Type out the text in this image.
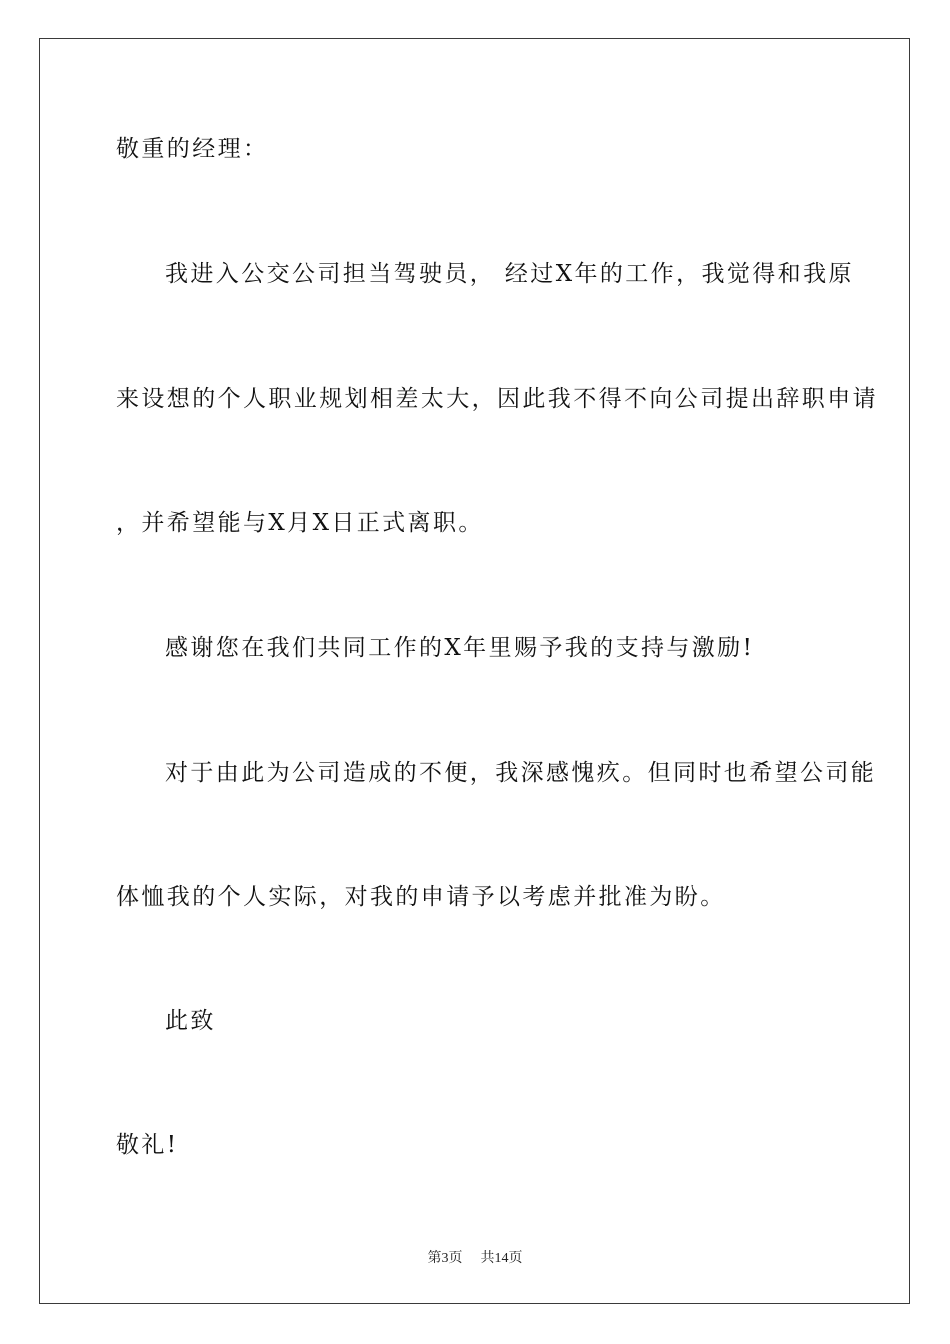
敬重的经理：
我进入公交公司担当驾驶员， 经过X年的工作，我觉得和我原
来设想的个人职业规划相差太大，因此我不得不向公司提出辞职申请
，并希望能与X月X日正式离职。
感谢您在我们共同工作的X年里赐予我的支持与激励!
对于由此为公司造成的不便，我深感愧疚。但同时也希望公司能
体恤我的个人实际，对我的申请予以考虑并批准为盼。
此致
敬礼!
第3页 共14页
